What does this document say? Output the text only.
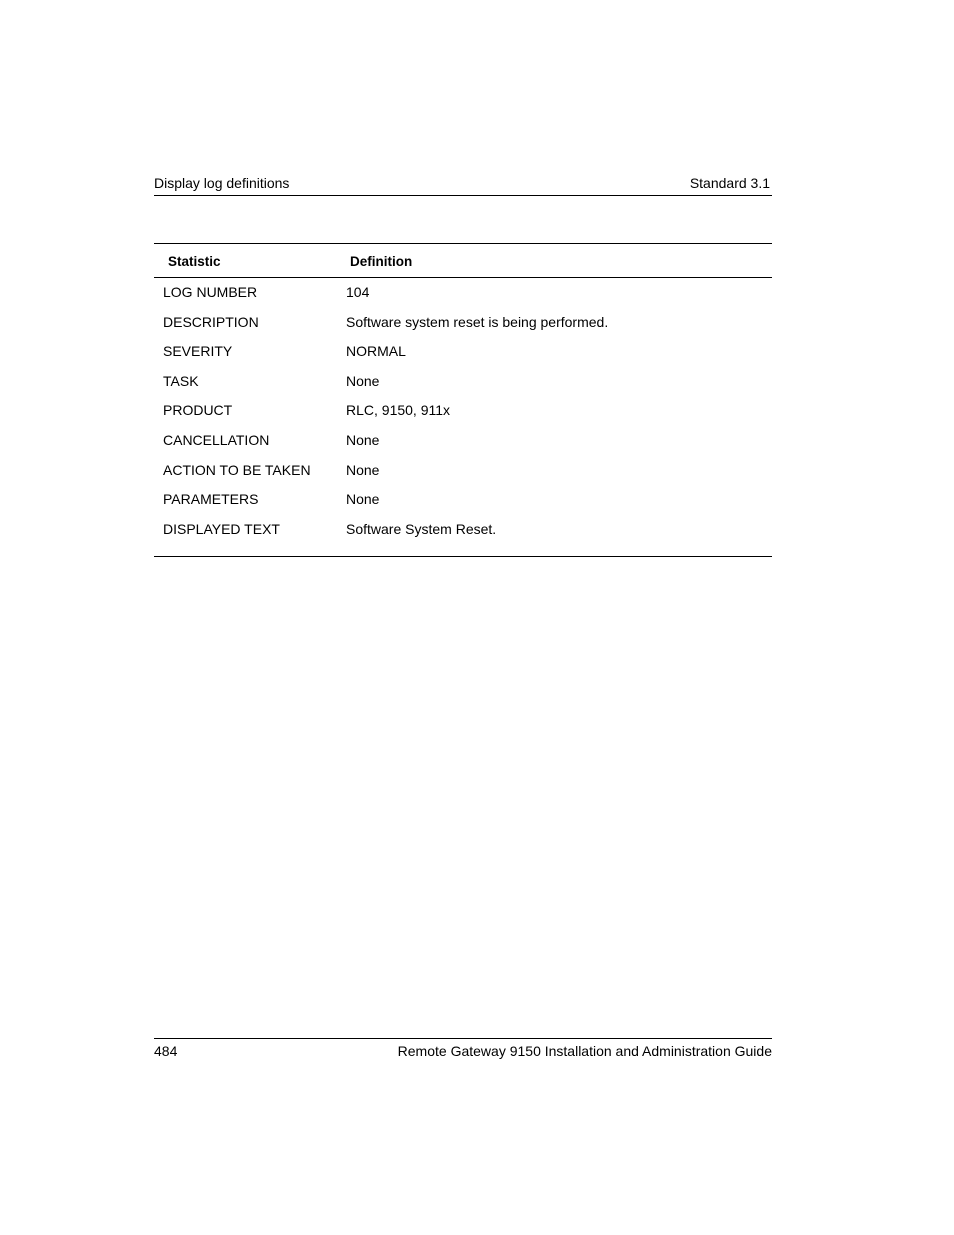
Display log definitions	Standard 3.1
Statistic	Definition
LOG NUMBER	104
DESCRIPTION	Software system reset is being performed.
SEVERITY	NORMAL
TASK	None
PRODUCT	RLC, 9150, 911x
CANCELLATION	None
ACTION TO BE TAKEN	None
PARAMETERS	None
DISPLAYED TEXT	Software System Reset.
484	Remote Gateway 9150 Installation and Administration Guide
